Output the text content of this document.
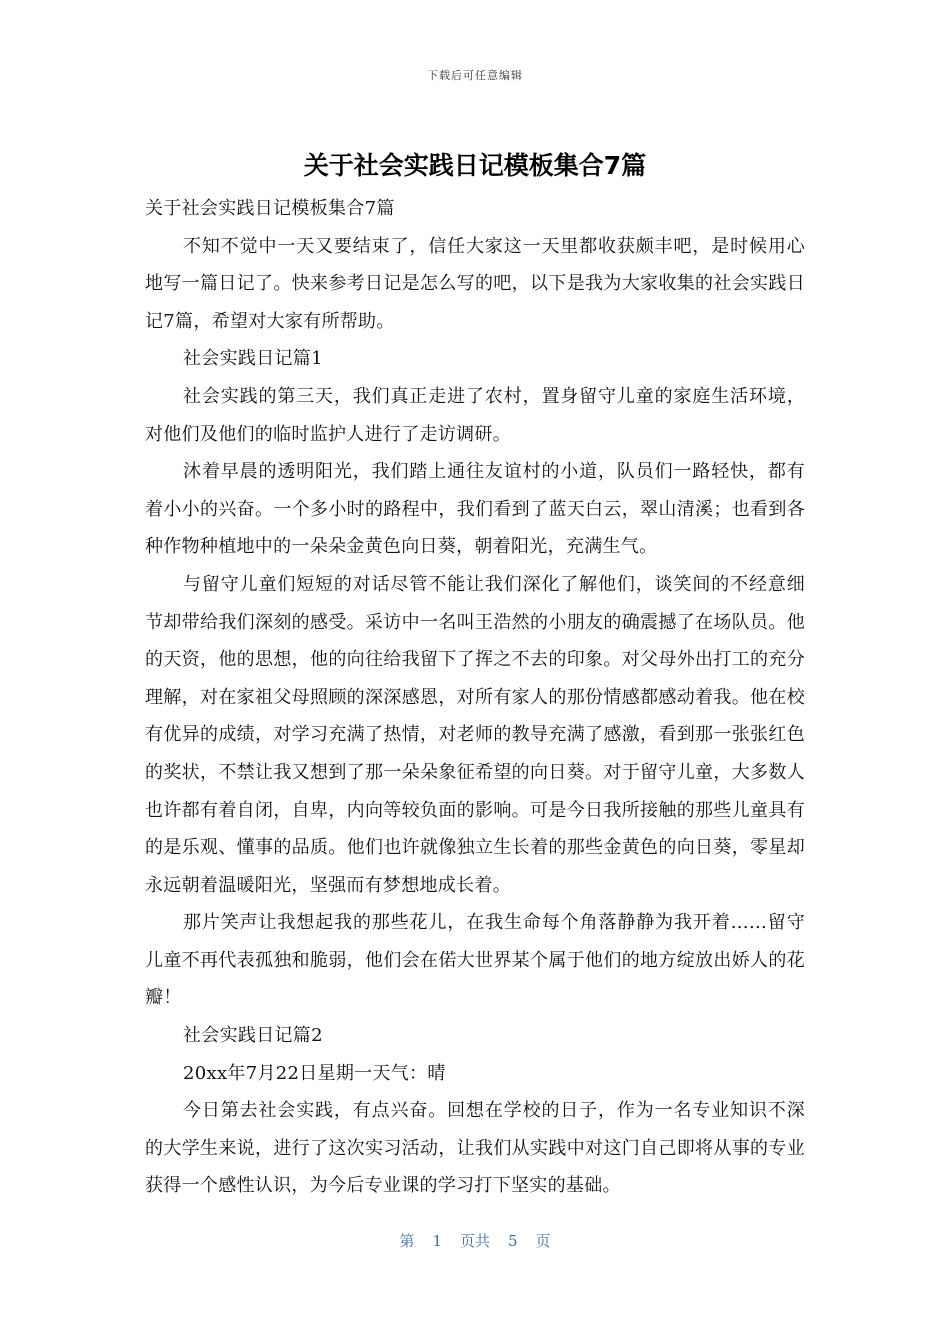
下载后可任意编辑
关于社会实践日记模板集合7篇

关于社会实践日记模板集合7篇

不知不觉中一天又要结束了，信任大家这一天里都收获颇丰吧，是时候用心地写一篇日记了。快来参考日记是怎么写的吧，以下是我为大家收集的社会实践日记7篇，希望对大家有所帮助。

社会实践日记篇1

社会实践的第三天，我们真正走进了农村，置身留守儿童的家庭生活环境，对他们及他们的临时监护人进行了走访调研。

沐着早晨的透明阳光，我们踏上通往友谊村的小道，队员们一路轻快，都有着小小的兴奋。一个多小时的路程中，我们看到了蓝天白云，翠山清溪；也看到各种作物种植地中的一朵朵金黄色向日葵，朝着阳光，充满生气。

与留守儿童们短短的对话尽管不能让我们深化了解他们，谈笑间的不经意细节却带给我们深刻的感受。采访中一名叫王浩然的小朋友的确震撼了在场队员。他的天资，他的思想，他的向往给我留下了挥之不去的印象。对父母外出打工的充分理解，对在家祖父母照顾的深深感恩，对所有家人的那份情感都感动着我。他在校有优异的成绩，对学习充满了热情，对老师的教导充满了感激，看到那一张张红色的奖状，不禁让我又想到了那一朵朵象征希望的向日葵。对于留守儿童，大多数人也许都有着自闭，自卑，内向等较负面的影响。可是今日我所接触的那些儿童具有的是乐观、懂事的品质。他们也许就像独立生长着的那些金黄色的向日葵，零星却永远朝着温暖阳光，坚强而有梦想地成长着。

那片笑声让我想起我的那些花儿，在我生命每个角落静静为我开着……留守儿童不再代表孤独和脆弱，他们会在偌大世界某个属于他们的地方绽放出娇人的花瓣！

社会实践日记篇2

20xx年7月22日星期一天气：晴

今日第去社会实践，有点兴奋。回想在学校的日子，作为一名专业知识不深的大学生来说，进行了这次实习活动，让我们从实践中对这门自己即将从事的专业获得一个感性认识，为今后专业课的学习打下坚实的基础。

第 1 页共 5 页
